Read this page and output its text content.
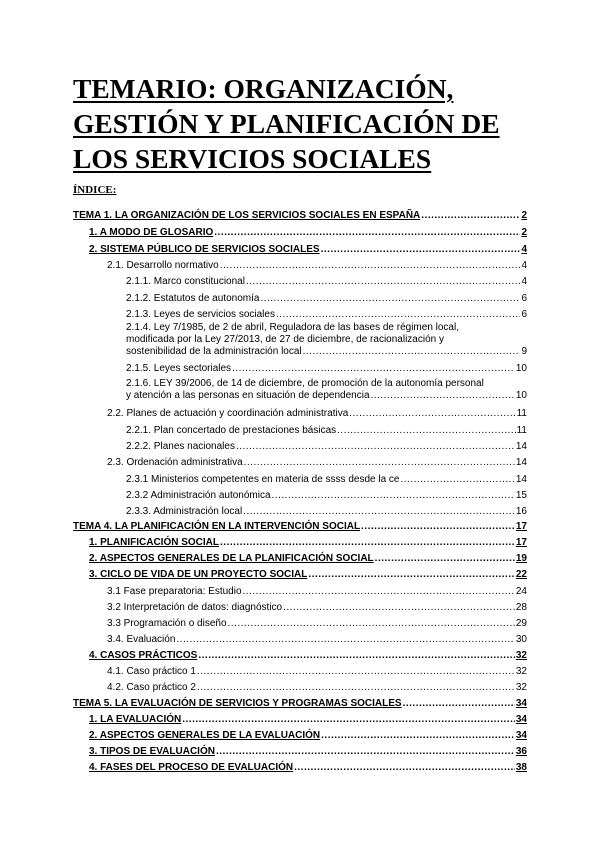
TEMARIO: ORGANIZACIÓN,
GESTIÓN Y PLANIFICACIÓN DE
LOS SERVICIOS SOCIALES
ÍNDICE:
TEMA 1. LA ORGANIZACIÓN DE LOS SERVICIOS SOCIALES EN ESPAÑA .....	2
1. A MODO DE GLOSARIO .....	2
2. SISTEMA PÚBLICO DE SERVICIOS SOCIALES .....	4
2.1. Desarrollo normativo .....	4
2.1.1. Marco constitucional .....	4
2.1.2. Estatutos de autonomía .....	6
2.1.3. Leyes de servicios sociales .....	6
2.1.4. Ley 7/1985, de 2 de abril, Reguladora de las bases de régimen local,
modificada por la Ley 27/2013, de 27 de diciembre, de racionalización y
sostenibilidad de la administración local .....	9
2.1.5. Leyes sectoriales .....	10
2.1.6. LEY 39/2006, de 14 de diciembre, de promoción de la autonomía personal
y atención a las personas en situación de dependencia .....	10
2.2. Planes de actuación y coordinación administrativa .....	11
2.2.1. Plan concertado de prestaciones básicas .....	11
2.2.2. Planes nacionales .....	14
2.3. Ordenación administrativa .....	14
2.3.1 Ministerios competentes en materia de ssss desde la ce .....	14
2.3.2 Administración autonómica .....	15
2.3.3. Administración local .....	16
TEMA 4. LA PLANIFICACIÓN EN LA INTERVENCIÓN SOCIAL .....	17
1. PLANIFICACIÓN SOCIAL .....	17
2. ASPECTOS GENERALES DE LA PLANIFICACIÓN SOCIAL .....	19
3. CICLO DE VIDA DE UN PROYECTO SOCIAL .....	22
3.1 Fase preparatoria: Estudio .....	24
3.2 Interpretación de datos: diagnóstico .....	28
3.3 Programación o diseño .....	29
3.4. Evaluación .....	30
4. CASOS PRÁCTICOS .....	32
4.1. Caso práctico 1 .....	32
4.2. Caso práctico 2 .....	32
TEMA 5. LA EVALUACIÓN DE SERVICIOS Y PROGRAMAS SOCIALES .....	34
1. LA EVALUACIÓN .....	34
2. ASPECTOS GENERALES DE LA EVALUACIÓN .....	34
3. TIPOS DE EVALUACIÓN .....	36
4. FASES DEL PROCESO DE EVALUACIÓN .....	38
